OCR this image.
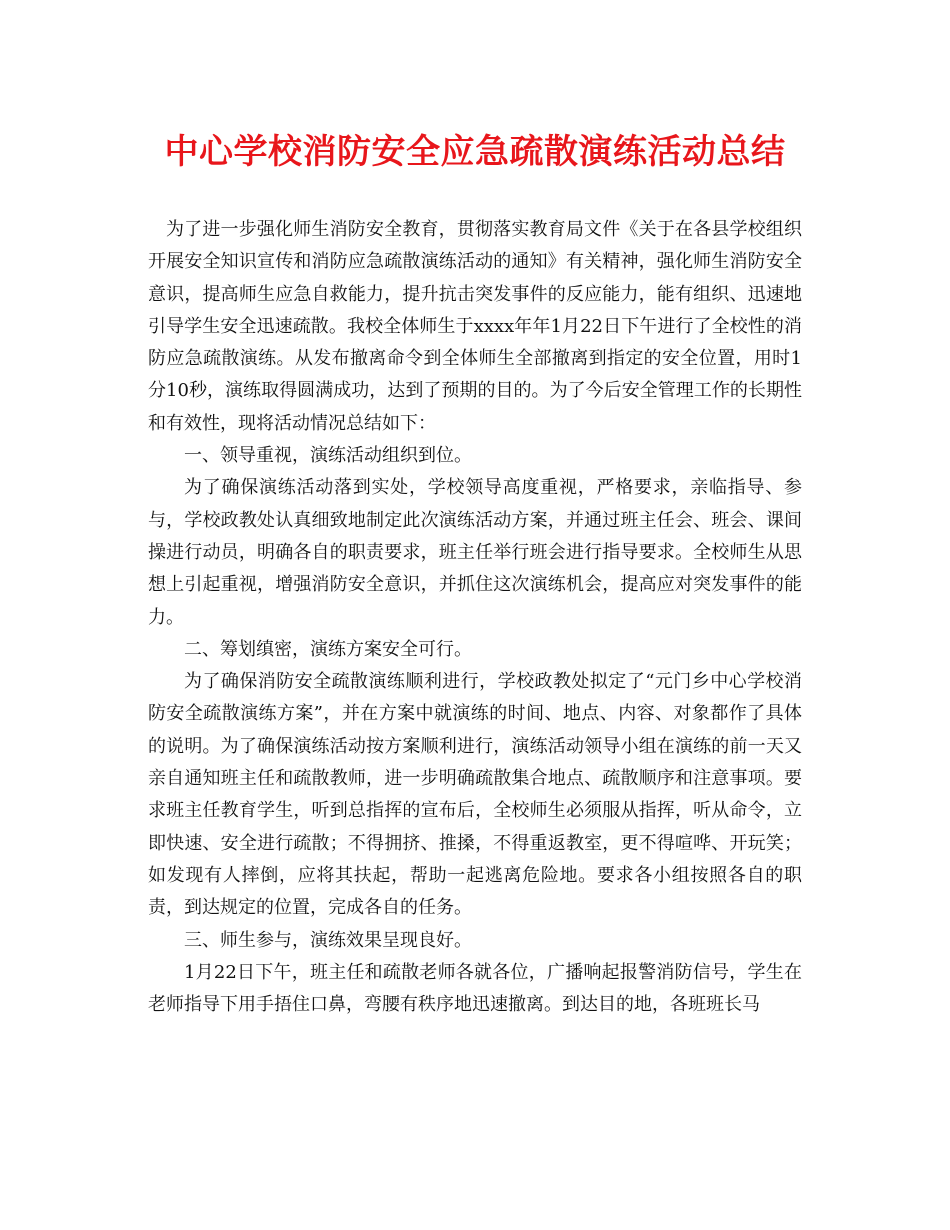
中心学校消防安全应急疏散演练活动总结

为了进一步强化师生消防安全教育，贯彻落实教育局文件《关于在各县学校组织开展安全知识宣传和消防应急疏散演练活动的通知》有关精神，强化师生消防安全意识，提高师生应急自救能力，提升抗击突发事件的反应能力，能有组织、迅速地引导学生安全迅速疏散。我校全体师生于xxxx年年1月22日下午进行了全校性的消防应急疏散演练。从发布撤离命令到全体师生全部撤离到指定的安全位置，用时1分10秒，演练取得圆满成功，达到了预期的目的。为了今后安全管理工作的长期性和有效性，现将活动情况总结如下：

一、领导重视，演练活动组织到位。

为了确保演练活动落到实处，学校领导高度重视，严格要求，亲临指导、参与，学校政教处认真细致地制定此次演练活动方案，并通过班主任会、班会、课间操进行动员，明确各自的职责要求，班主任举行班会进行指导要求。全校师生从思想上引起重视，增强消防安全意识，并抓住这次演练机会，提高应对突发事件的能力。

二、筹划缜密，演练方案安全可行。

为了确保消防安全疏散演练顺利进行，学校政教处拟定了“元门乡中心学校消防安全疏散演练方案”，并在方案中就演练的时间、地点、内容、对象都作了具体的说明。为了确保演练活动按方案顺利进行，演练活动领导小组在演练的前一天又亲自通知班主任和疏散教师，进一步明确疏散集合地点、疏散顺序和注意事项。要求班主任教育学生，听到总指挥的宣布后，全校师生必须服从指挥，听从命令，立即快速、安全进行疏散；不得拥挤、推搡，不得重返教室，更不得喧哗、开玩笑；如发现有人摔倒，应将其扶起，帮助一起逃离危险地。要求各小组按照各自的职责，到达规定的位置，完成各自的任务。

三、师生参与，演练效果呈现良好。

1月22日下午，班主任和疏散老师各就各位，广播响起报警消防信号，学生在老师指导下用手捂住口鼻，弯腰有秩序地迅速撤离。到达目的地，各班班长马
